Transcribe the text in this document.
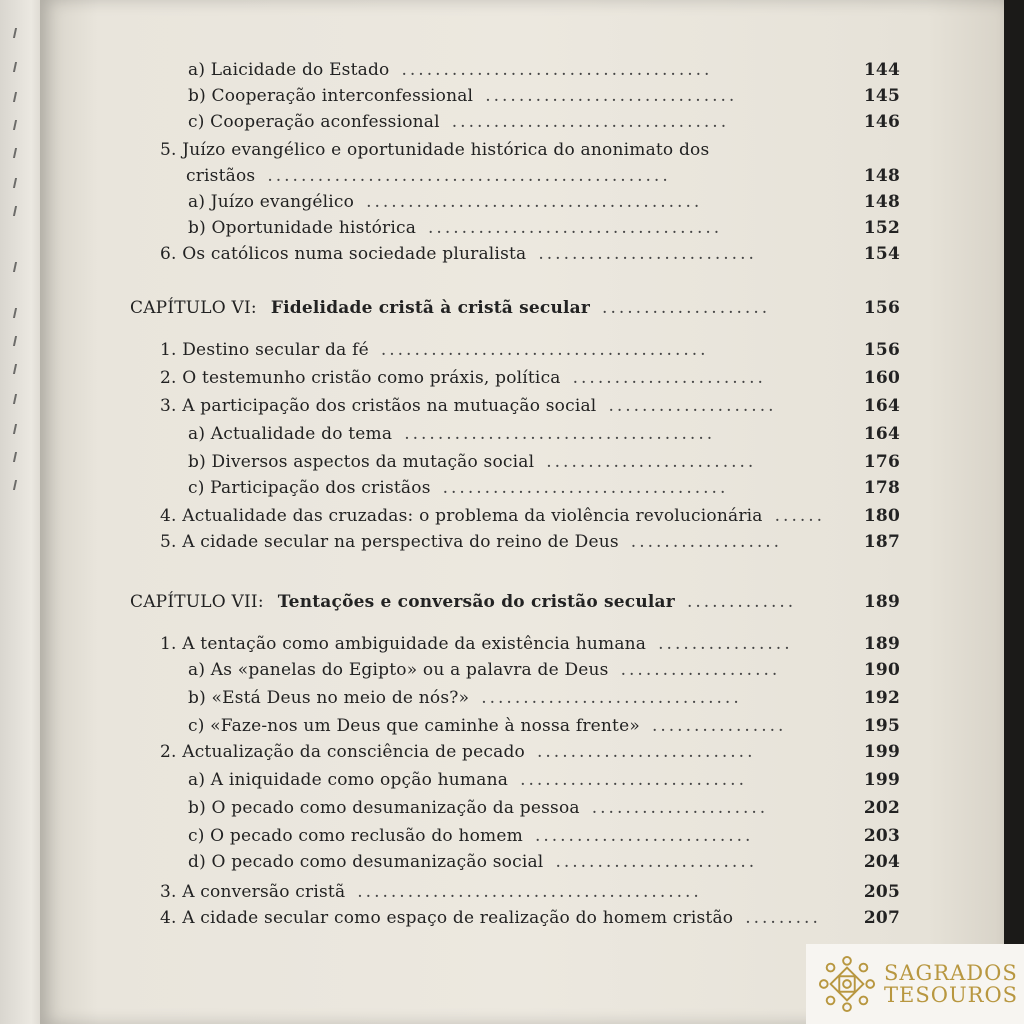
a) Laicidade do Estado	144
.....................................
b) Cooperação interconfessional	145
..............................
c) Cooperação aconfessional	146
.................................
5. Juízo evangélico e oportunidade histórica do anonimato dos
cristãos	148
................................................
a) Juízo evangélico	148
........................................
b) Oportunidade histórica	152
...................................
6. Os católicos numa sociedade pluralista	154
..........................
CAPÍTULO VI: Fidelidade cristã à cristã secular	156
....................
1. Destino secular da fé	156
.......................................
2. O testemunho cristão como práxis, política	160
.......................
3. A participação dos cristãos na mutuação social	164
....................
a) Actualidade do tema	164
.....................................
b) Diversos aspectos da mutação social	176
.........................
c) Participação dos cristãos	178
..................................
4. Actualidade das cruzadas: o problema da violência revolucionária	180
......
5. A cidade secular na perspectiva do reino de Deus	187
..................
CAPÍTULO VII: Tentações e conversão do cristão secular	189
.............
1. A tentação como ambiguidade da existência humana	189
................
a) As «panelas do Egipto» ou a palavra de Deus	190
...................
b) «Está Deus no meio de nós?»	192
...............................
c) «Faze-nos um Deus que caminhe à nossa frente»	195
................
2. Actualização da consciência de pecado	199
..........................
a) A iniquidade como opção humana	199
...........................
b) O pecado como desumanização da pessoa	202
.....................
c) O pecado como reclusão do homem	203
..........................
d) O pecado como desumanização social	204
........................
3. A conversão cristã	205
.........................................
4. A cidade secular como espaço de realização do homem cristão	207
.........
SAGRADOS
TESOUROS
